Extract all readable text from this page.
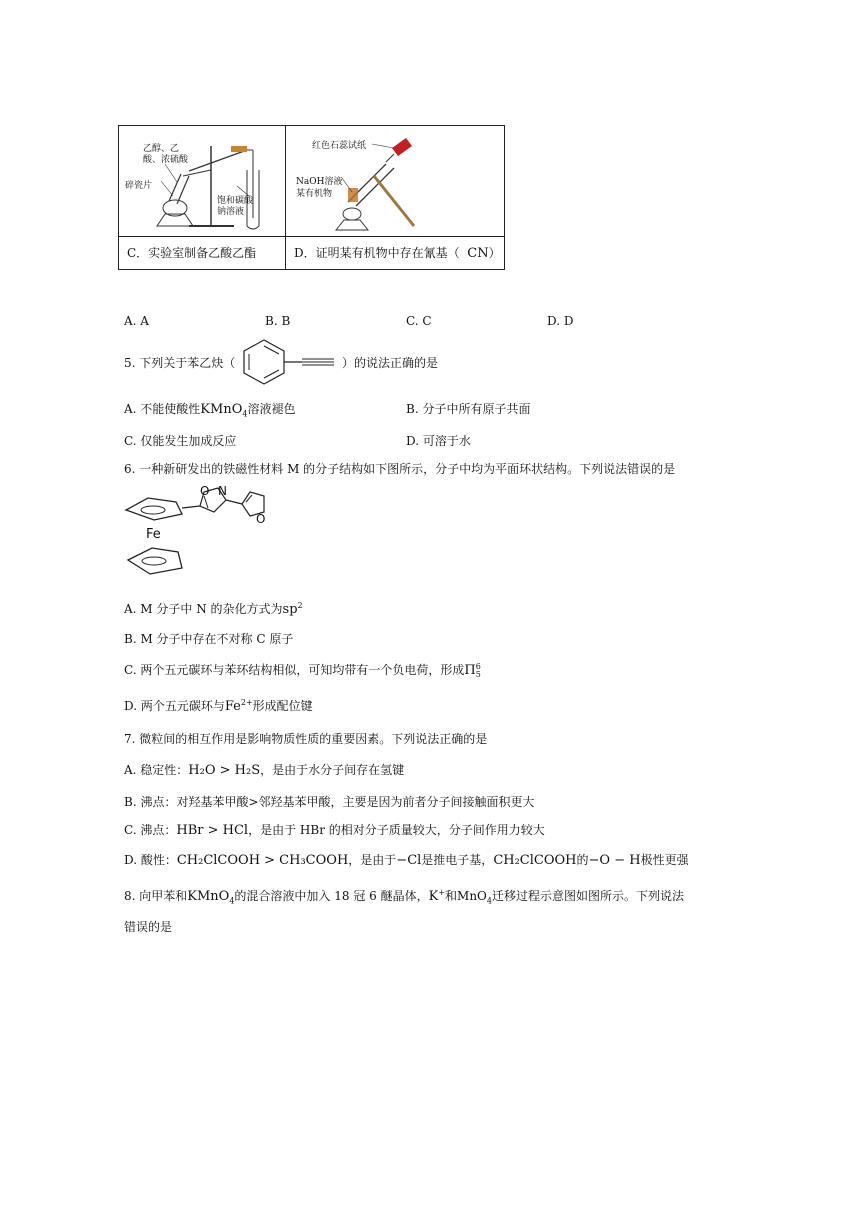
乙醇、乙酸、浓硫酸
碎瓷片
饱和碳酸钠溶液	红色石蕊试纸
NaOH溶液
某有机物

C．实验室制备乙酸乙酯	D．证明某有机物中存在氰基（ CN）
A. A	B. B	C. C	D. D
5. 下列关于苯乙炔（	）的说法正确的是
A. 不能使酸性KMnO$_4$溶液褪色	B. 分子中所有原子共面
C. 仅能发生加成反应	D. 可溶于水
6. 一种新研发出的铁磁性材料 M 的分子结构如下图所示，分子中均为平面环状结构。下列说法错误的是
O N
O
Fe
A. M 分子中 N 的杂化方式为$sp^2$
B. M 分子中存在不对称 C 原子
C. 两个五元碳环与苯环结构相似，可知均带有一个负电荷，形成Π 6
5
D. 两个五元碳环与$Fe^{2+}$形成配位键
7. 微粒间的相互作用是影响物质性质的重要因素。下列说法正确的是
A. 稳定性：H₂O > H₂S，是由于水分子间存在氢键
B. 沸点：对羟基苯甲酸>邻羟基苯甲酸，主要是因为前者分子间接触面积更大
C. 沸点：HBr > HCl，是由于 HBr 的相对分子质量较大，分子间作用力较大
D. 酸性：CH₂ClCOOH > CH₃COOH，是由于−Cl是推电子基，CH₂ClCOOH的−O − H极性更强
8. 向甲苯和KMnO$_4$的混合溶液中加入 18 冠 6 醚晶体，K+和MnO$_4$迁移过程示意图如图所示。下列说法
错误的是
